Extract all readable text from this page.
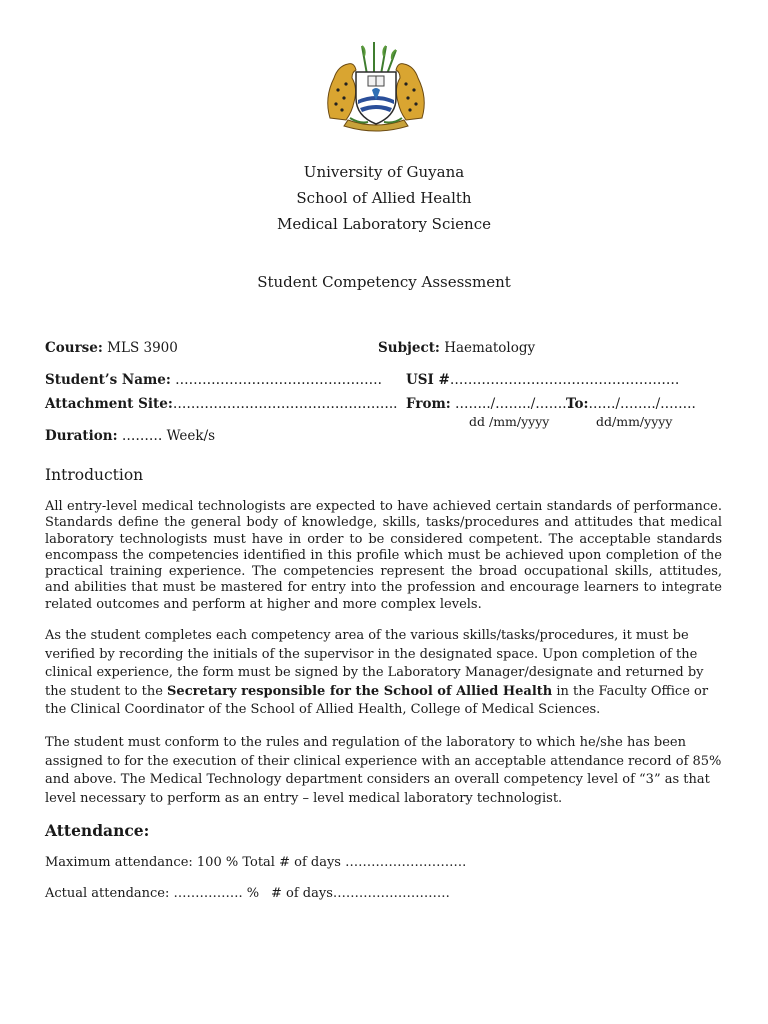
University of Guyana
School of Allied Health
Medical Laboratory Science
Student Competency Assessment
Course: MLS 3900	Subject: Haematology
Student’s Name: ………………………………………. USI #……………………………………………
Attachment Site:………………………………………….. From: ……../……../……..
To:……/……../……..
dd /mm/yyyy	dd/mm/yyyy
Duration: ……… Week/s
Introduction

All entry-level medical technologists are expected to have achieved certain standards of performance. Standards define the general body of knowledge, skills, tasks/procedures and attitudes that medical laboratory technologists must have in order to be considered competent. The acceptable standards encompass the competencies identified in this profile which must be achieved upon completion of the practical training experience. The competencies represent the broad occupational skills, attitudes, and abilities that must be mastered for entry into the profession and encourage learners to integrate related outcomes and perform at higher and more complex levels.

As the student completes each competency area of the various skills/tasks/procedures, it must be verified by recording the initials of the supervisor in the designated space. Upon completion of the clinical experience, the form must be signed by the Laboratory Manager/designate and returned by the student to the Secretary responsible for the School of Allied Health in the Faculty Office or the Clinical Coordinator of the School of Allied Health, College of Medical Sciences.

The student must conform to the rules and regulation of the laboratory to which he/she has been assigned to for the execution of their clinical experience with an acceptable attendance record of 85% and above. The Medical Technology department considers an overall competency level of “3” as that level necessary to perform as an entry – level medical laboratory technologist.

Attendance:
Maximum attendance: 100 % Total # of days ……………………….
Actual attendance: ……………. % # of days………………………
